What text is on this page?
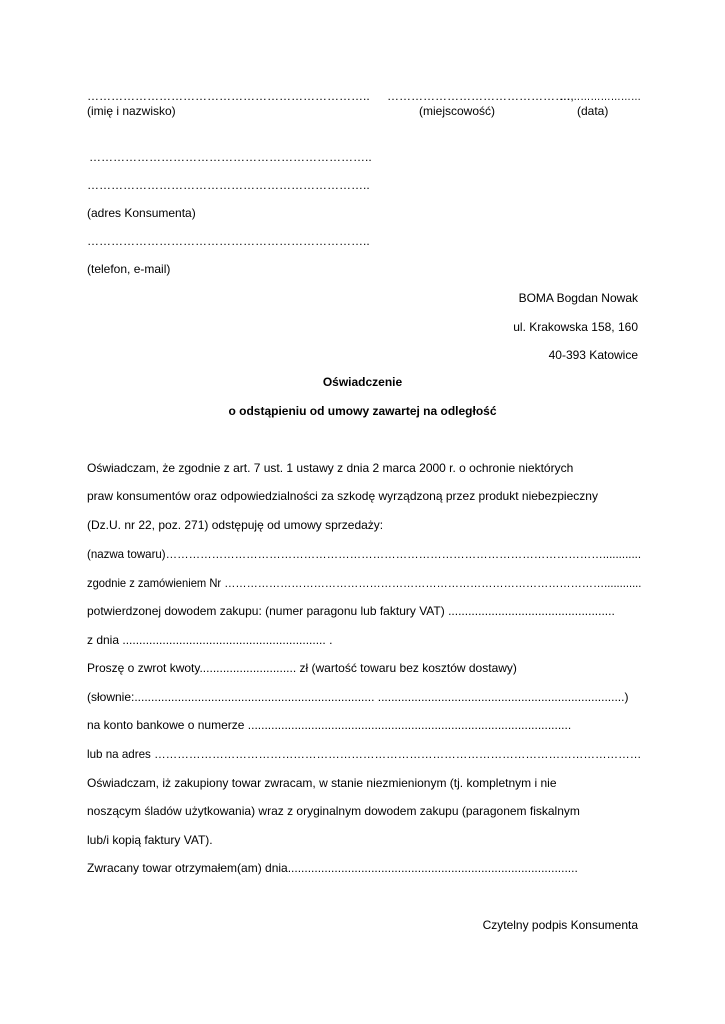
……………………………………………………………..
(imię i nazwisko)
……………………………………….,
(miejscowość)
……………………
(data)
……………………………………………………………..
……………………………………………………………..
(adres Konsumenta)
……………………………………………………………..
(telefon, e-mail)
BOMA Bogdan Nowak
ul. Krakowska 158, 160
40-393 Katowice
Oświadczenie
o odstąpieniu od umowy zawartej na odległość
Oświadczam, że zgodnie z art. 7 ust. 1 ustawy z dnia 2 marca 2000 r. o ochronie niektórych
praw konsumentów oraz odpowiedzialności za szkodę wyrządzoną przez produkt niebezpieczny
(Dz.U. nr 22, poz. 271) odstępuję od umowy sprzedaży:
(nazwa towaru)……………………………………………………………………………………………………............
zgodnie z zamówieniem Nr …………………………………………………………………………………………............
potwierdzonej dowodem zakupu: (numer paragonu lub faktury VAT) ..................................................
z dnia ............................................................. .
Proszę o zwrot kwoty............................. zł (wartość towaru bez kosztów dostawy)
(słownie:........................................................................ ..........................................................................)
na konto bankowe o numerze .................................................................................................
lub na adres ………………………………………………………………………………………………………………
Oświadczam, iż zakupiony towar zwracam, w stanie niezmienionym (tj. kompletnym i nie
noszącym śladów użytkowania) wraz z oryginalnym dowodem zakupu (paragonem fiskalnym
lub/i kopią faktury VAT).
Zwracany towar otrzymałem(am) dnia.......................................................................................
Czytelny podpis Konsumenta
